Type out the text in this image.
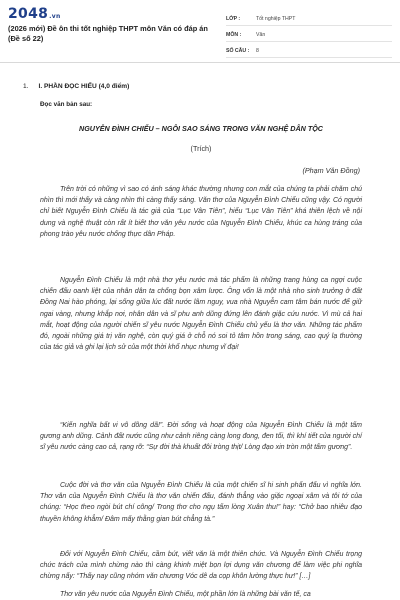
2048.vn
(2026 mới) Đề ôn thi tốt nghiệp THPT môn Văn có đáp án (Đề số 22)
LỚP :	Tốt nghiệp THPT
MÔN :	Văn
SỐ CÂU :	8
1. I. PHẦN ĐỌC HIỂU (4,0 điểm)
Đọc văn bản sau:
NGUYỄN ĐÌNH CHIỂU – NGÔI SAO SÁNG TRONG VĂN NGHỆ DÂN TỘC
(Trích)
(Phạm Văn Đồng)
Trên trời có những vì sao có ánh sáng khác thường nhưng con mắt của chúng ta phải chăm chú nhìn thì mới thấy và càng nhìn thì càng thấy sáng. Văn thơ của Nguyễn Đình Chiểu cũng vậy. Có người chỉ biết Nguyễn Đình Chiểu là tác giả của “Lục Vân Tiên”, hiểu “Lục Vân Tiên” khá thiên lệch về nội dung và nghệ thuật còn rất ít biết thơ văn yêu nước của Nguyễn Đình Chiểu, khúc ca hùng tráng của phong trào yêu nước chống thực dân Pháp.
Nguyễn Đình Chiểu là một nhà thơ yêu nước mà tác phẩm là những trang hùng ca ngợi cuộc chiến đấu oanh liệt của nhân dân ta chống bọn xâm lược. Ông vốn là một nhà nho sinh trưởng ở đất Đồng Nai hào phóng, lại sống giữa lúc đất nước lâm nguy, vua nhà Nguyễn cam tâm bán nước để giữ ngai vàng, nhưng khắp nơi, nhân dân và sĩ phu anh dũng đứng lên đánh giặc cứu nước. Vì mù cả hai mắt, hoạt động của người chiến sĩ yêu nước Nguyễn Đình Chiểu chủ yếu là thơ văn. Những tác phẩm đó, ngoài những giá trị văn nghệ, còn quý giá ở chỗ nó soi tỏ tâm hồn trong sáng, cao quý lạ thường của tác giả và ghi lại lịch sử của một thời khổ nhục nhưng vĩ đại!
“Kiến nghĩa bất vi vô dõng dã!”. Đời sống và hoạt động của Nguyễn Đình Chiểu là một tấm gương anh dũng. Cảnh đất nước cũng như cảnh riêng càng long đong, đen tối, thì khí tiết của người chí sĩ yêu nước càng cao cả, rạng rỡ: “Sự đời thà khuất đôi tròng thịt/ Lòng đạo xin tròn một tấm gương”.
Cuộc đời và thơ văn của Nguyễn Đình Chiểu là của một chiến sĩ hi sinh phấn đấu vì nghĩa lớn. Thơ văn của Nguyễn Đình Chiểu là thơ văn chiến đấu, đánh thẳng vào giặc ngoại xâm và tôi tớ của chúng: “Học theo ngòi bút chí công/ Trong thơ cho ngụ tấm lòng Xuân thu!” hay: “Chở bao nhiêu đạo thuyền không khẳm/ Đâm mấy thằng gian bút chẳng tà.”
Đối với Nguyễn Đình Chiểu, cầm bút, viết văn là một thiên chức. Và Nguyễn Đình Chiểu trọng chức trách của mình chừng nào thì càng khinh miệt bọn lợi dụng văn chương để làm việc phi nghĩa chừng nấy: “Thấy nay cũng nhóm văn chương Vóc dê da cọp khôn lường thực hư!” […]
Thơ văn yêu nước của Nguyễn Đình Chiểu, một phần lớn là những bài văn tế, ca
